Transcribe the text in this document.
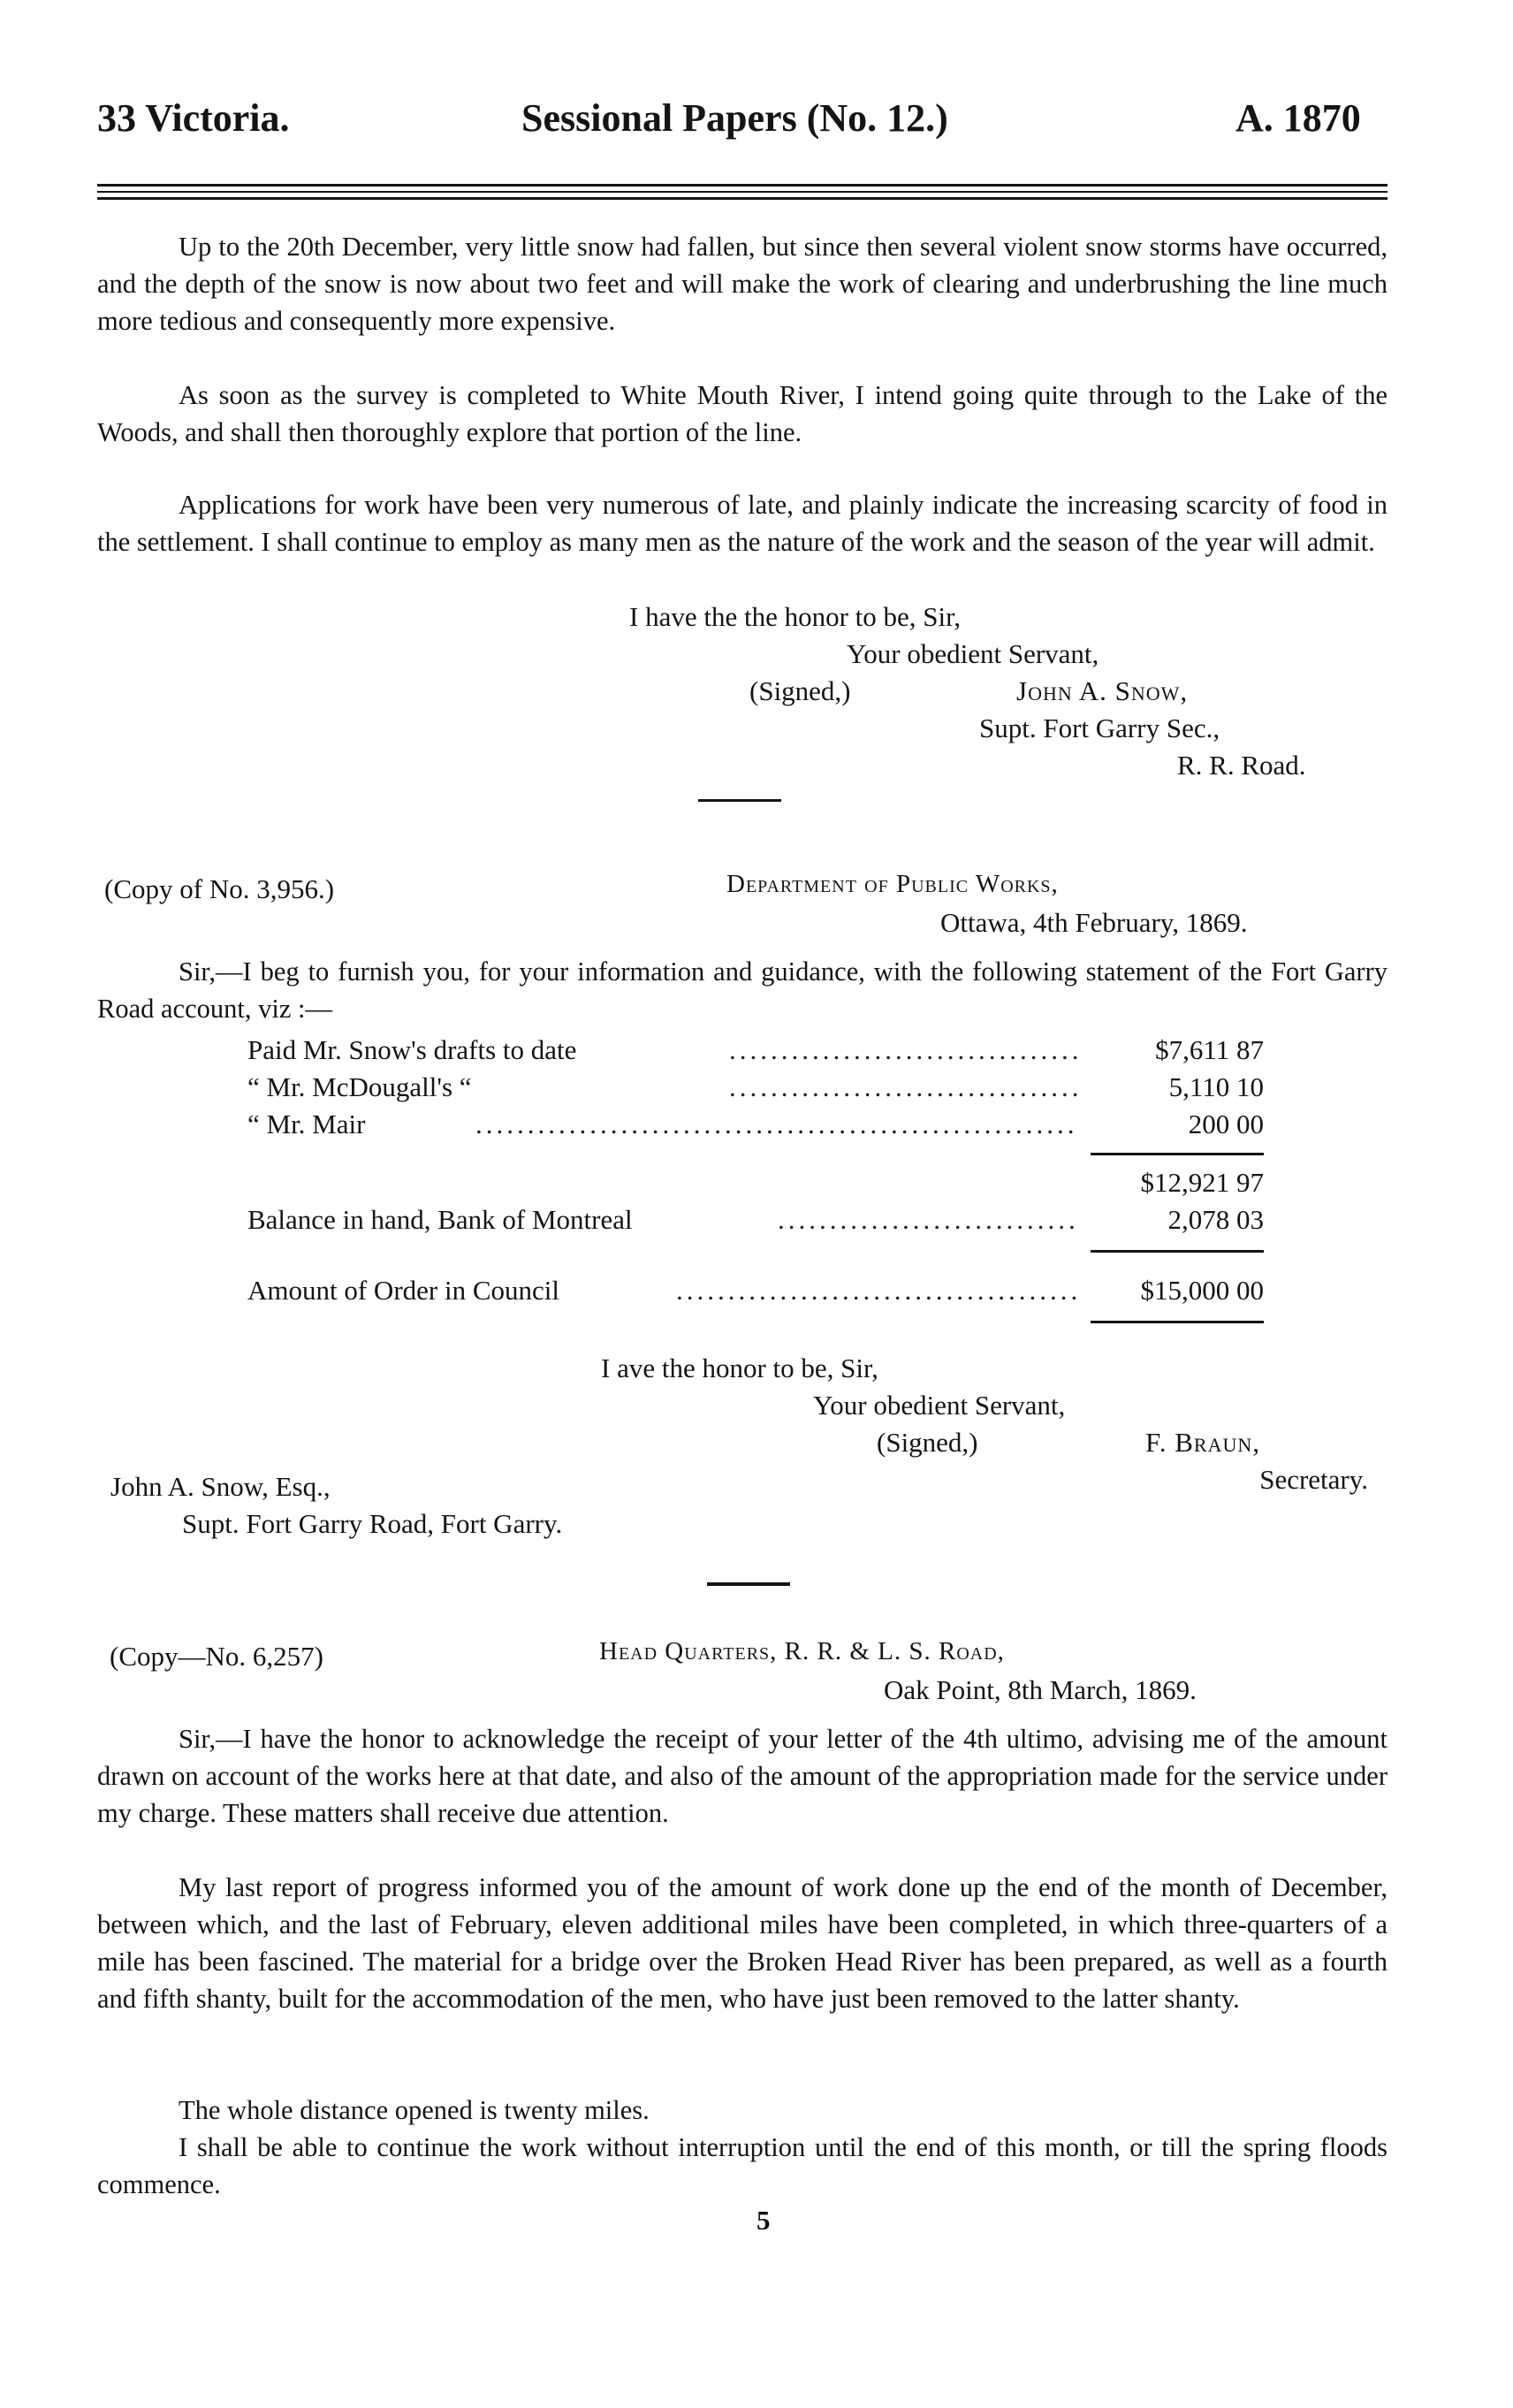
33 Victoria.	Sessional Papers (No. 12.)	A. 1870

Up to the 20th December, very little snow had fallen, but since then several violent snow storms have occurred, and the depth of the snow is now about two feet and will make the work of clearing and underbrushing the line much more tedious and consequently more expensive.

As soon as the survey is completed to White Mouth River, I intend going quite through to the Lake of the Woods, and shall then thoroughly explore that portion of the line.

Applications for work have been very numerous of late, and plainly indicate the increasing scarcity of food in the settlement. I shall continue to employ as many men as the nature of the work and the season of the year will admit.

I have the the honor to be, Sir,
Your obedient Servant,
(Signed,)	John A. Snow,
Supt. Fort Garry Sec.,
R. R. Road.
(Copy of No. 3,956.)	Department of Public Works,
Ottawa, 4th February, 1869.

Sir,—I beg to furnish you, for your information and guidance, with the following statement of the Fort Garry Road account, viz :—

Paid Mr. Snow's drafts to date	..................................	$7,611 87
“ Mr. McDougall's “	..................................	5,110 10
“ Mr. Mair	..........................................................	200 00
$12,921 97
Balance in hand, Bank of Montreal	.............................	2,078 03
Amount of Order in Council	....................................... $15,000 00
I ave the honor to be, Sir,
Your obedient Servant,
(Signed,)	F. Braun,
Secretary.
John A. Snow, Esq.,
Supt. Fort Garry Road, Fort Garry.
(Copy—No. 6,257)	Head Quarters, R. R. & L. S. Road,
Oak Point, 8th March, 1869.

Sir,—I have the honor to acknowledge the receipt of your letter of the 4th ultimo, advising me of the amount drawn on account of the works here at that date, and also of the amount of the appropriation made for the service under my charge. These matters shall receive due attention.

My last report of progress informed you of the amount of work done up the end of the month of December, between which, and the last of February, eleven additional miles have been completed, in which three-quarters of a mile has been fascined. The material for a bridge over the Broken Head River has been prepared, as well as a fourth and fifth shanty, built for the accommodation of the men, who have just been removed to the latter shanty.

The whole distance opened is twenty miles.

I shall be able to continue the work without interruption until the end of this month, or till the spring floods commence.

5
